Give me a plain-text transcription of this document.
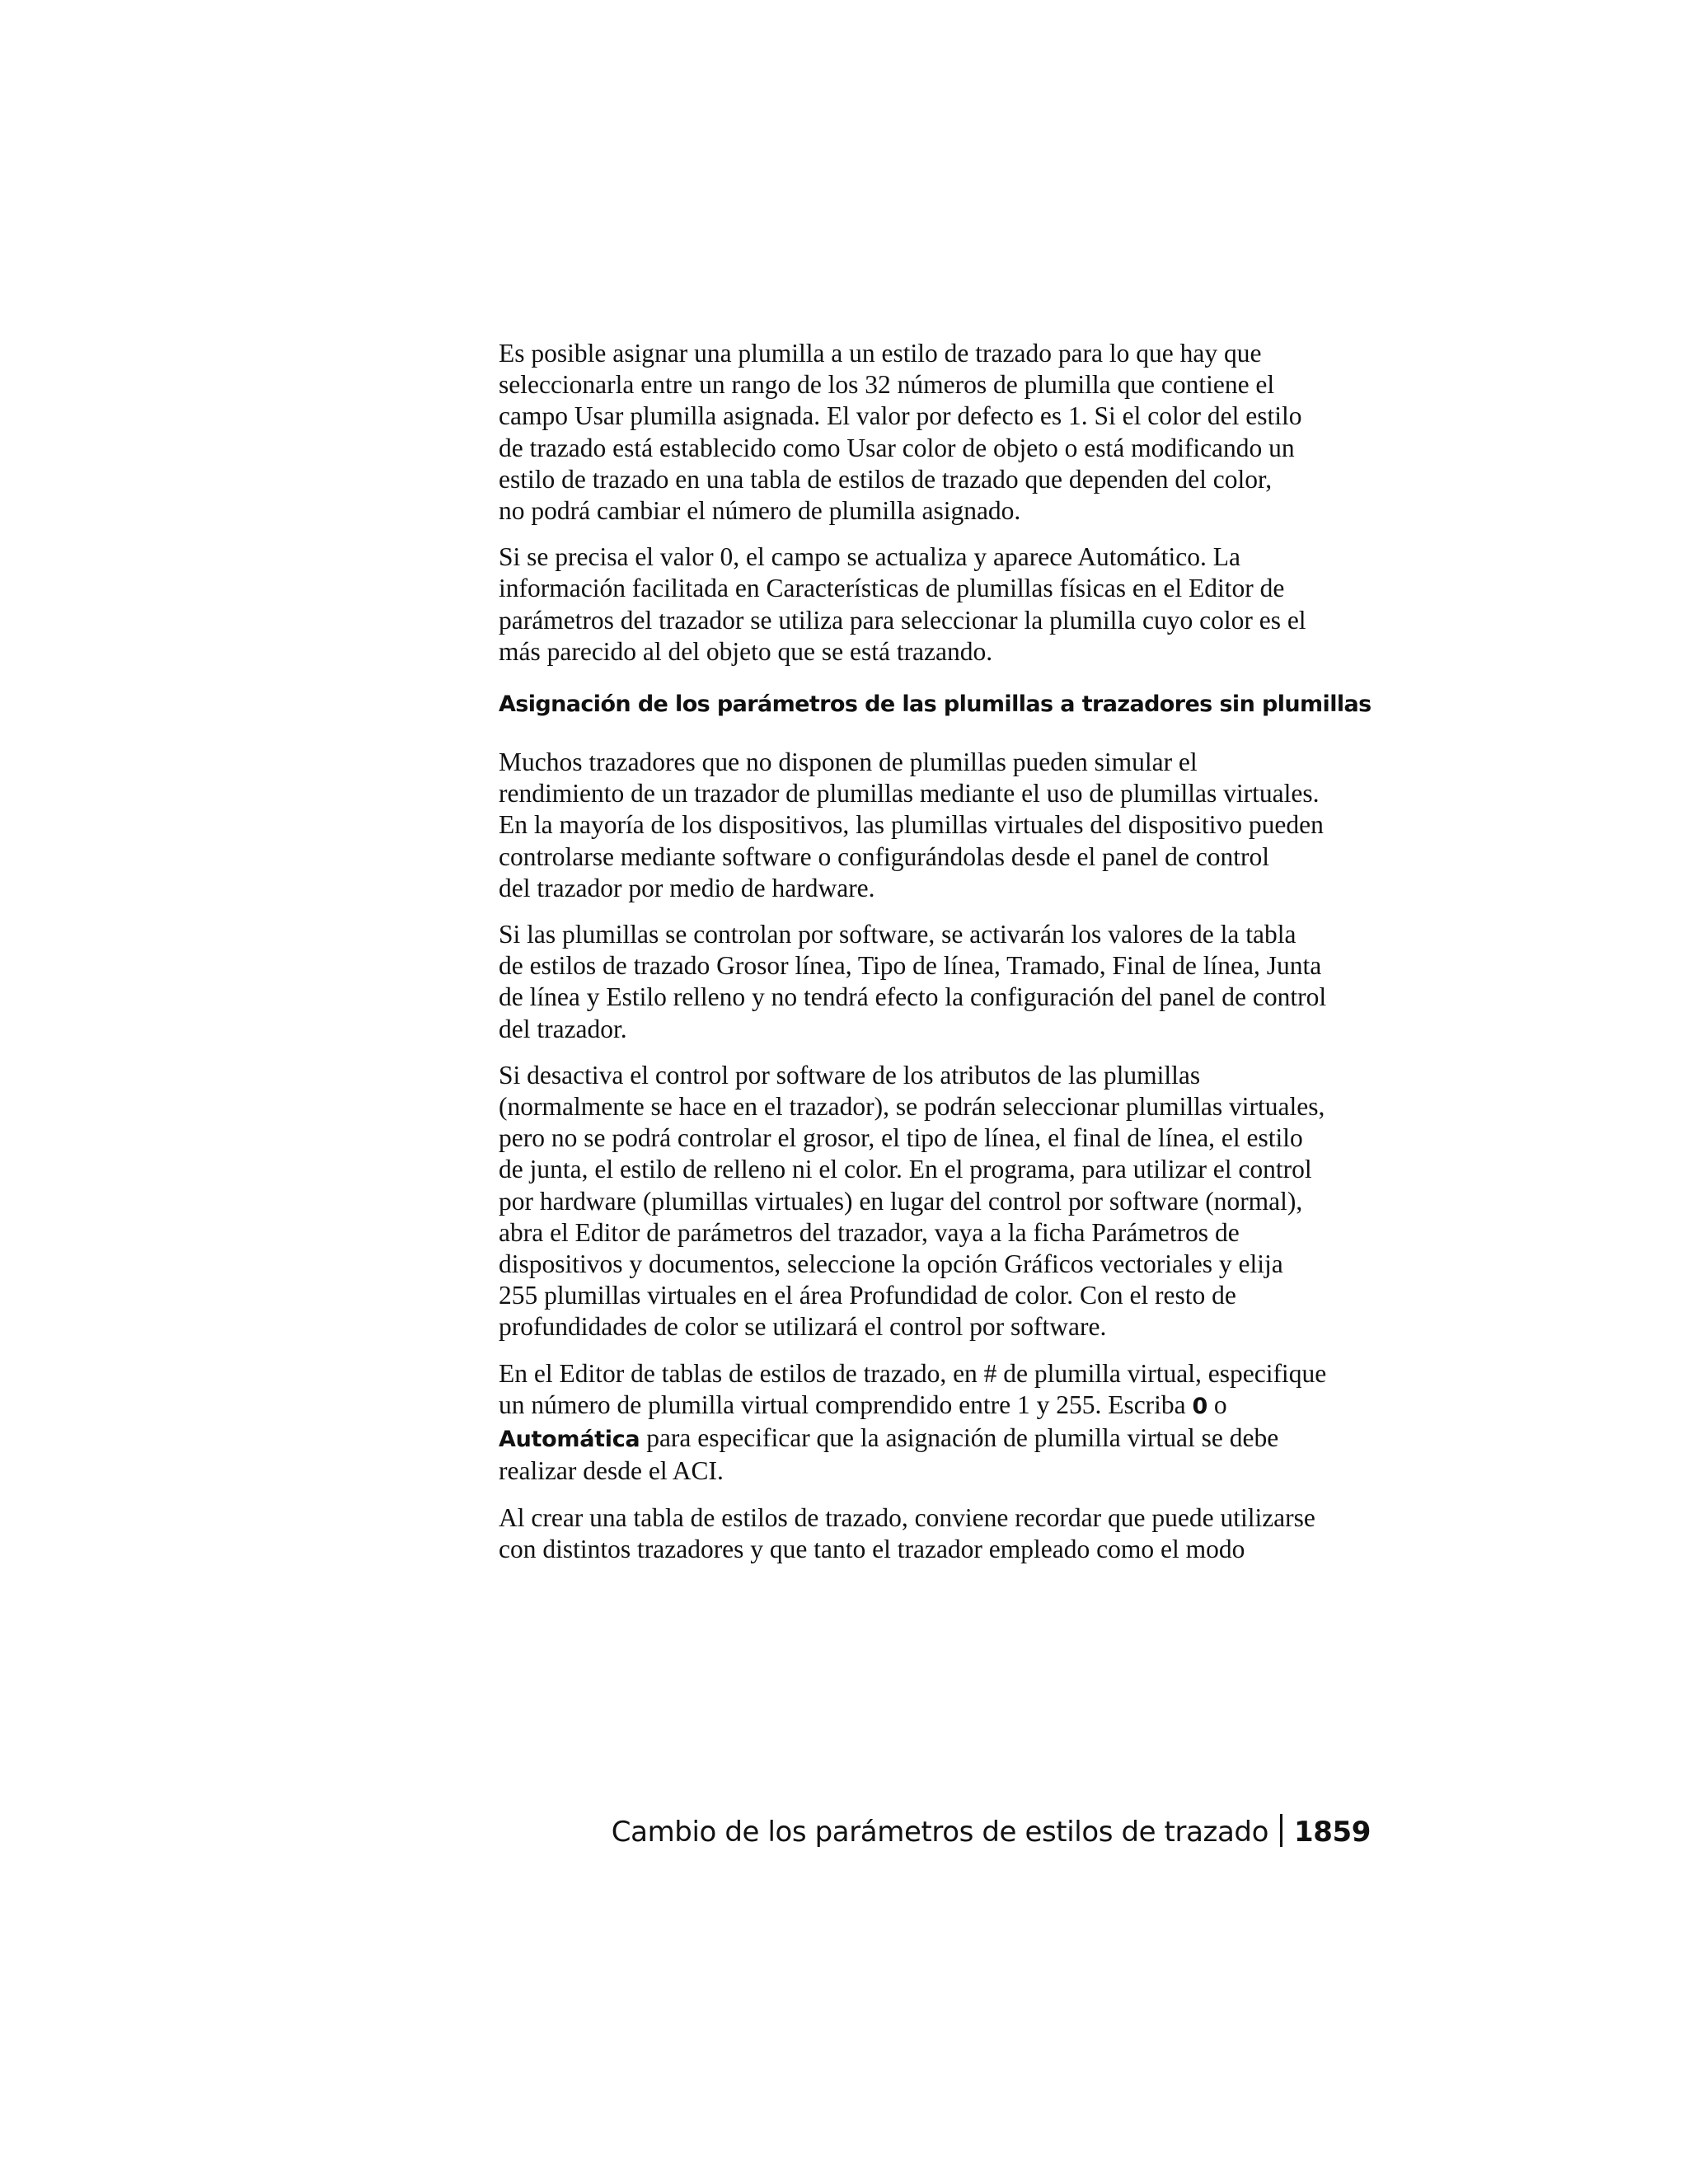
Es posible asignar una plumilla a un estilo de trazado para lo que hay que
seleccionarla entre un rango de los 32 números de plumilla que contiene el
campo Usar plumilla asignada. El valor por defecto es 1. Si el color del estilo
de trazado está establecido como Usar color de objeto o está modificando un
estilo de trazado en una tabla de estilos de trazado que dependen del color,
no podrá cambiar el número de plumilla asignado.

Si se precisa el valor 0, el campo se actualiza y aparece Automático. La
información facilitada en Características de plumillas físicas en el Editor de
parámetros del trazador se utiliza para seleccionar la plumilla cuyo color es el
más parecido al del objeto que se está trazando.

Asignación de los parámetros de las plumillas a trazadores sin plumillas

Muchos trazadores que no disponen de plumillas pueden simular el
rendimiento de un trazador de plumillas mediante el uso de plumillas virtuales.
En la mayoría de los dispositivos, las plumillas virtuales del dispositivo pueden
controlarse mediante software o configurándolas desde el panel de control
del trazador por medio de hardware.

Si las plumillas se controlan por software, se activarán los valores de la tabla
de estilos de trazado Grosor línea, Tipo de línea, Tramado, Final de línea, Junta
de línea y Estilo relleno y no tendrá efecto la configuración del panel de control
del trazador.

Si desactiva el control por software de los atributos de las plumillas
(normalmente se hace en el trazador), se podrán seleccionar plumillas virtuales,
pero no se podrá controlar el grosor, el tipo de línea, el final de línea, el estilo
de junta, el estilo de relleno ni el color. En el programa, para utilizar el control
por hardware (plumillas virtuales) en lugar del control por software (normal),
abra el Editor de parámetros del trazador, vaya a la ficha Parámetros de
dispositivos y documentos, seleccione la opción Gráficos vectoriales y elija
255 plumillas virtuales en el área Profundidad de color. Con el resto de
profundidades de color se utilizará el control por software.

En el Editor de tablas de estilos de trazado, en # de plumilla virtual, especifique
un número de plumilla virtual comprendido entre 1 y 255. Escriba 0 o
Automática para especificar que la asignación de plumilla virtual se debe
realizar desde el ACI.

Al crear una tabla de estilos de trazado, conviene recordar que puede utilizarse
con distintos trazadores y que tanto el trazador empleado como el modo

Cambio de los parámetros de estilos de trazado 1859
